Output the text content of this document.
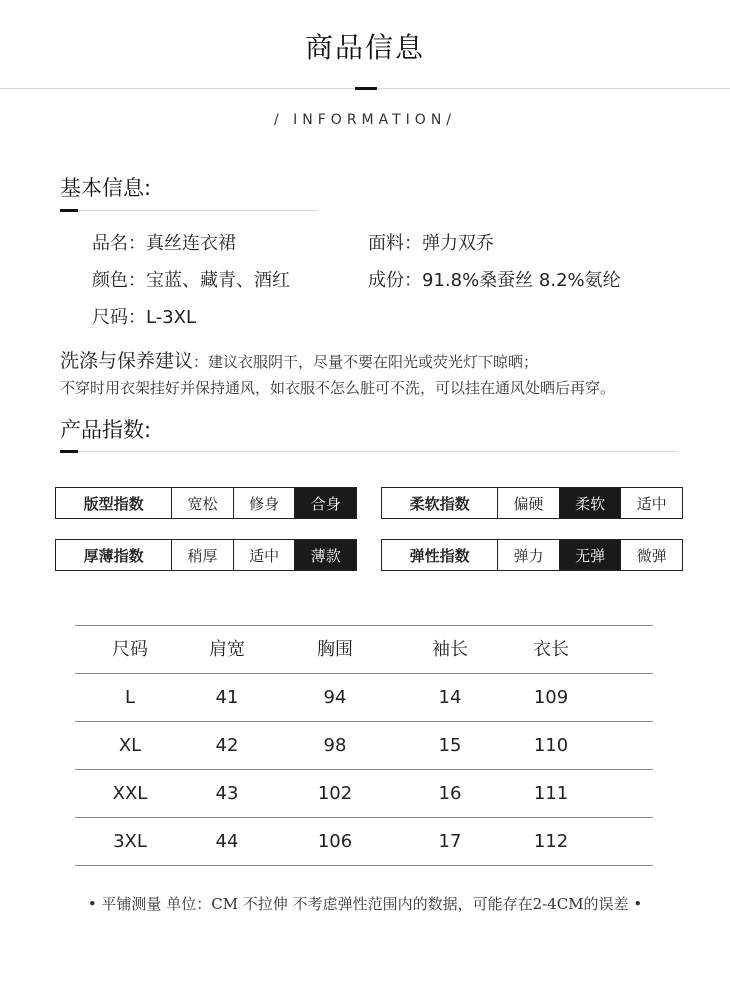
商品信息
/ INFORMATION/
基本信息:
品名：真丝连衣裙	面料：弹力双乔
颜色：宝蓝、藏青、酒红	成份：91.8%桑蚕丝 8.2%氨纶
尺码：L-3XL
洗涤与保养建议：建议衣服阴干，尽量不要在阳光或荧光灯下晾晒；
不穿时用衣架挂好并保持通风，如衣服不怎么脏可不洗，可以挂在通风处晒后再穿。
产品指数:
版型指数	宽松	修身	合身	柔软指数	偏硬	柔软	适中
厚薄指数	稍厚	适中	薄款	弹性指数	弹力	无弹	微弹
尺码	肩宽	胸围	袖长	衣长
L	41	94	14	109
XL	42	98	15	110
XXL	43	102	16	111
3XL	44	106	17	112
• 平铺测量 单位：CM 不拉伸 不考虑弹性范围内的数据，可能存在2-4CM的误差 •
